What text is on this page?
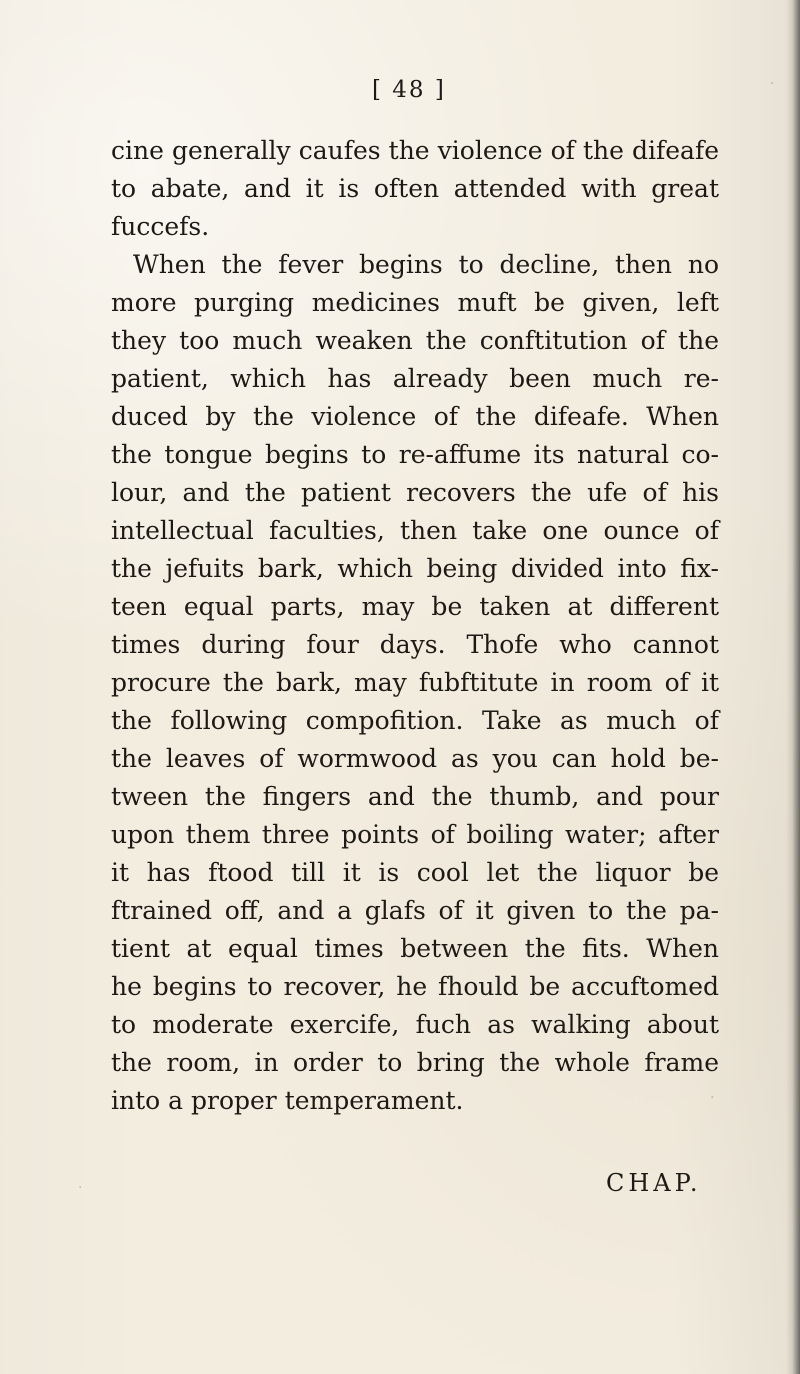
[ 48 ]
cine generally caufes the violence of the difeafe
to abate, and it is often attended with great
fuccefs.
When the fever begins to decline, then no
more purging medicines muft be given, left
they too much weaken the conftitution of the
patient, which has already been much re-
duced by the violence of the difeafe. When
the tongue begins to re-affume its natural co-
lour, and the patient recovers the ufe of his
intellectual faculties, then take one ounce of
the jefuits bark, which being divided into fix-
teen equal parts, may be taken at different
times during four days. Thofe who cannot
procure the bark, may fubftitute in room of it
the following compofition. Take as much of
the leaves of wormwood as you can hold be-
tween the fingers and the thumb, and pour
upon them three points of boiling water; after
it has ftood till it is cool let the liquor be
ftrained off, and a glafs of it given to the pa-
tient at equal times between the fits. When
he begins to recover, he fhould be accuftomed
to moderate exercife, fuch as walking about
the room, in order to bring the whole frame
into a proper temperament.
CHAP.
·
·
·
